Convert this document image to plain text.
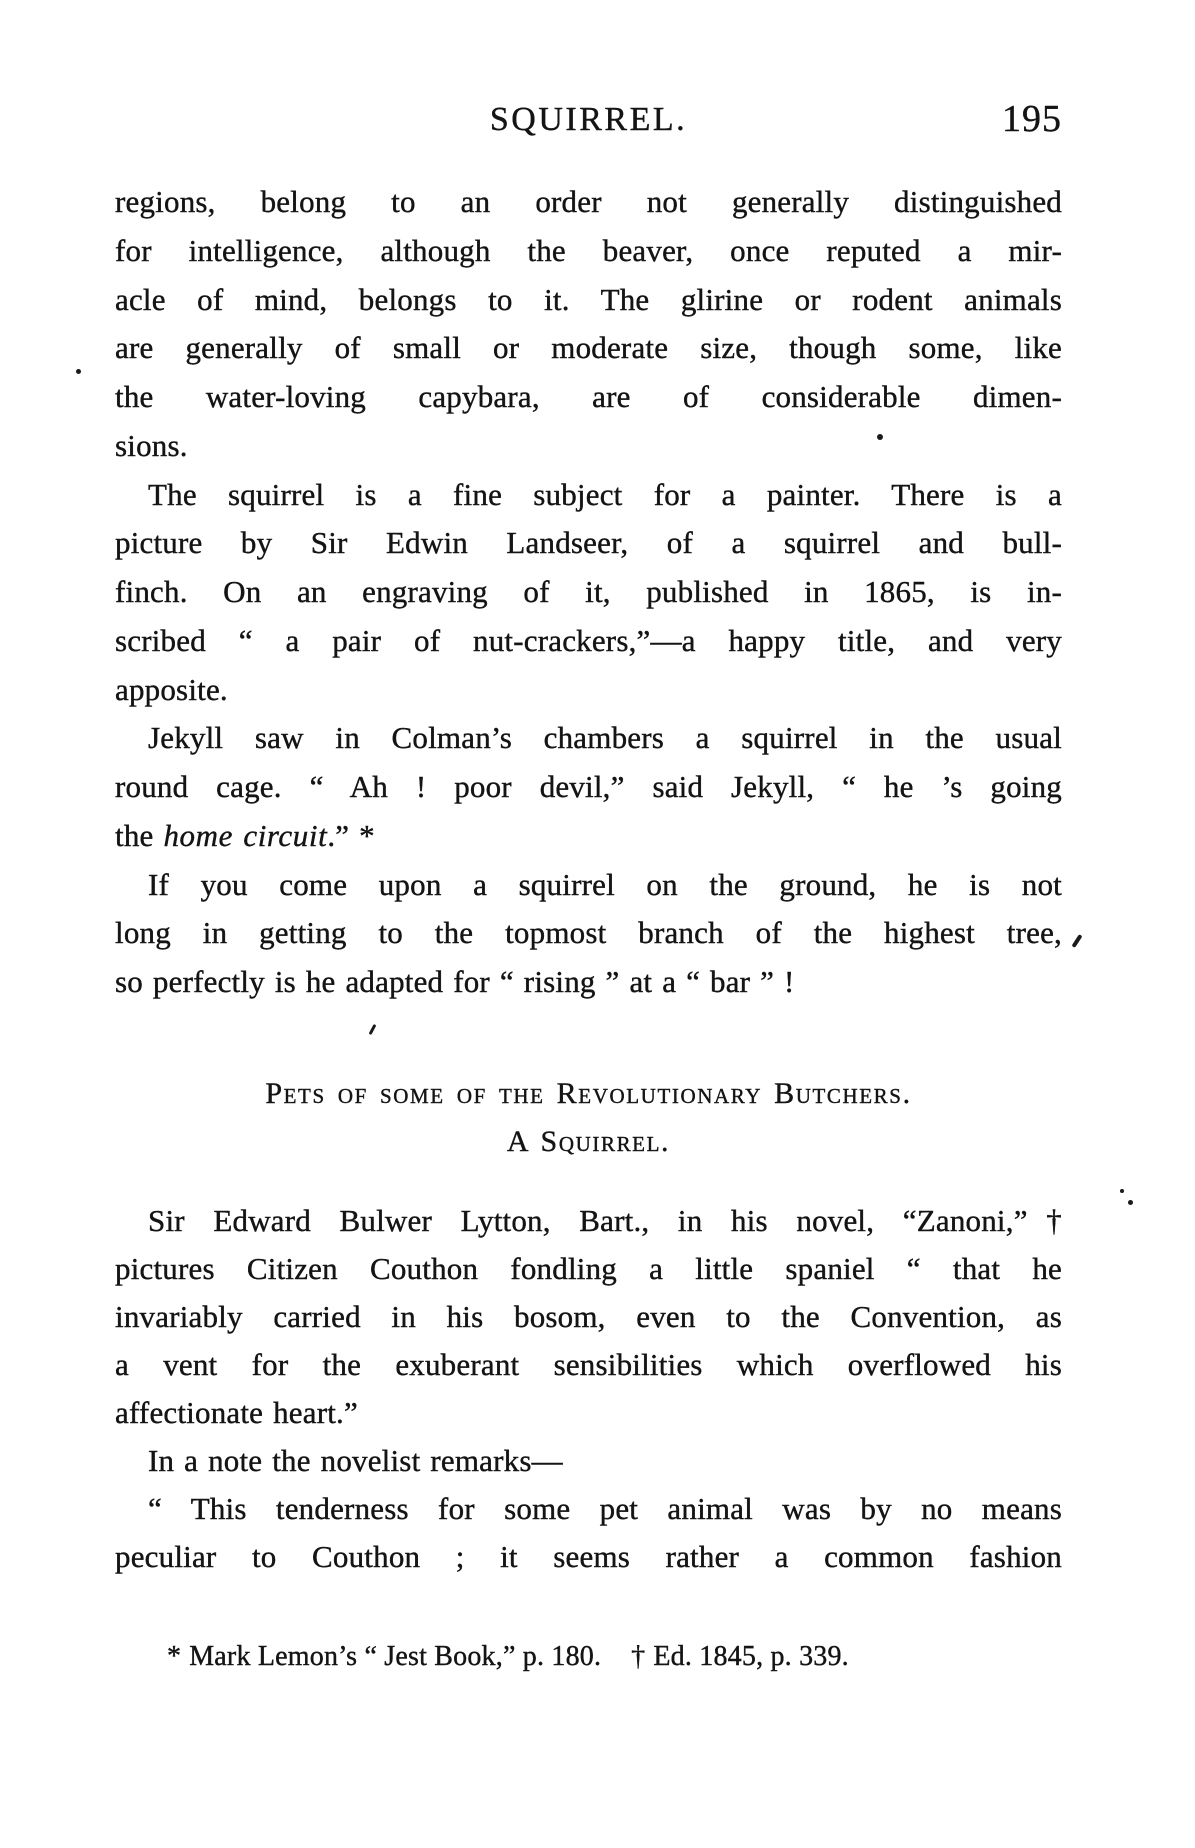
SQUIRREL.	195
regions, belong to an order not generally distinguished
for intelligence, although the beaver, once reputed a mir-
acle of mind, belongs to it. The glirine or rodent animals
are generally of small or moderate size, though some, like
the water-loving capybara, are of considerable dimen-
sions.
The squirrel is a fine subject for a painter. There is a
picture by Sir Edwin Landseer, of a squirrel and bull-
finch. On an engraving of it, published in 1865, is in-
scribed “ a pair of nut-crackers,”—a happy title, and very
apposite.
Jekyll saw in Colman’s chambers a squirrel in the usual
round cage. “ Ah ! poor devil,” said Jekyll, “ he ’s going
the home circuit.” *
If you come upon a squirrel on the ground, he is not
long in getting to the topmost branch of the highest tree,
so perfectly is he adapted for “ rising ” at a “ bar ” !
Pets of some of the Revolutionary Butchers.
A Squirrel.
Sir Edward Bulwer Lytton, Bart., in his novel, “Zanoni,”†
pictures Citizen Couthon fondling a little spaniel “ that he
invariably carried in his bosom, even to the Convention, as
a vent for the exuberant sensibilities which overflowed his
affectionate heart.”
In a note the novelist remarks—
“ This tenderness for some pet animal was by no means
peculiar to Couthon ; it seems rather a common fashion
* Mark Lemon’s “ Jest Book,” p. 180. † Ed. 1845, p. 339.
